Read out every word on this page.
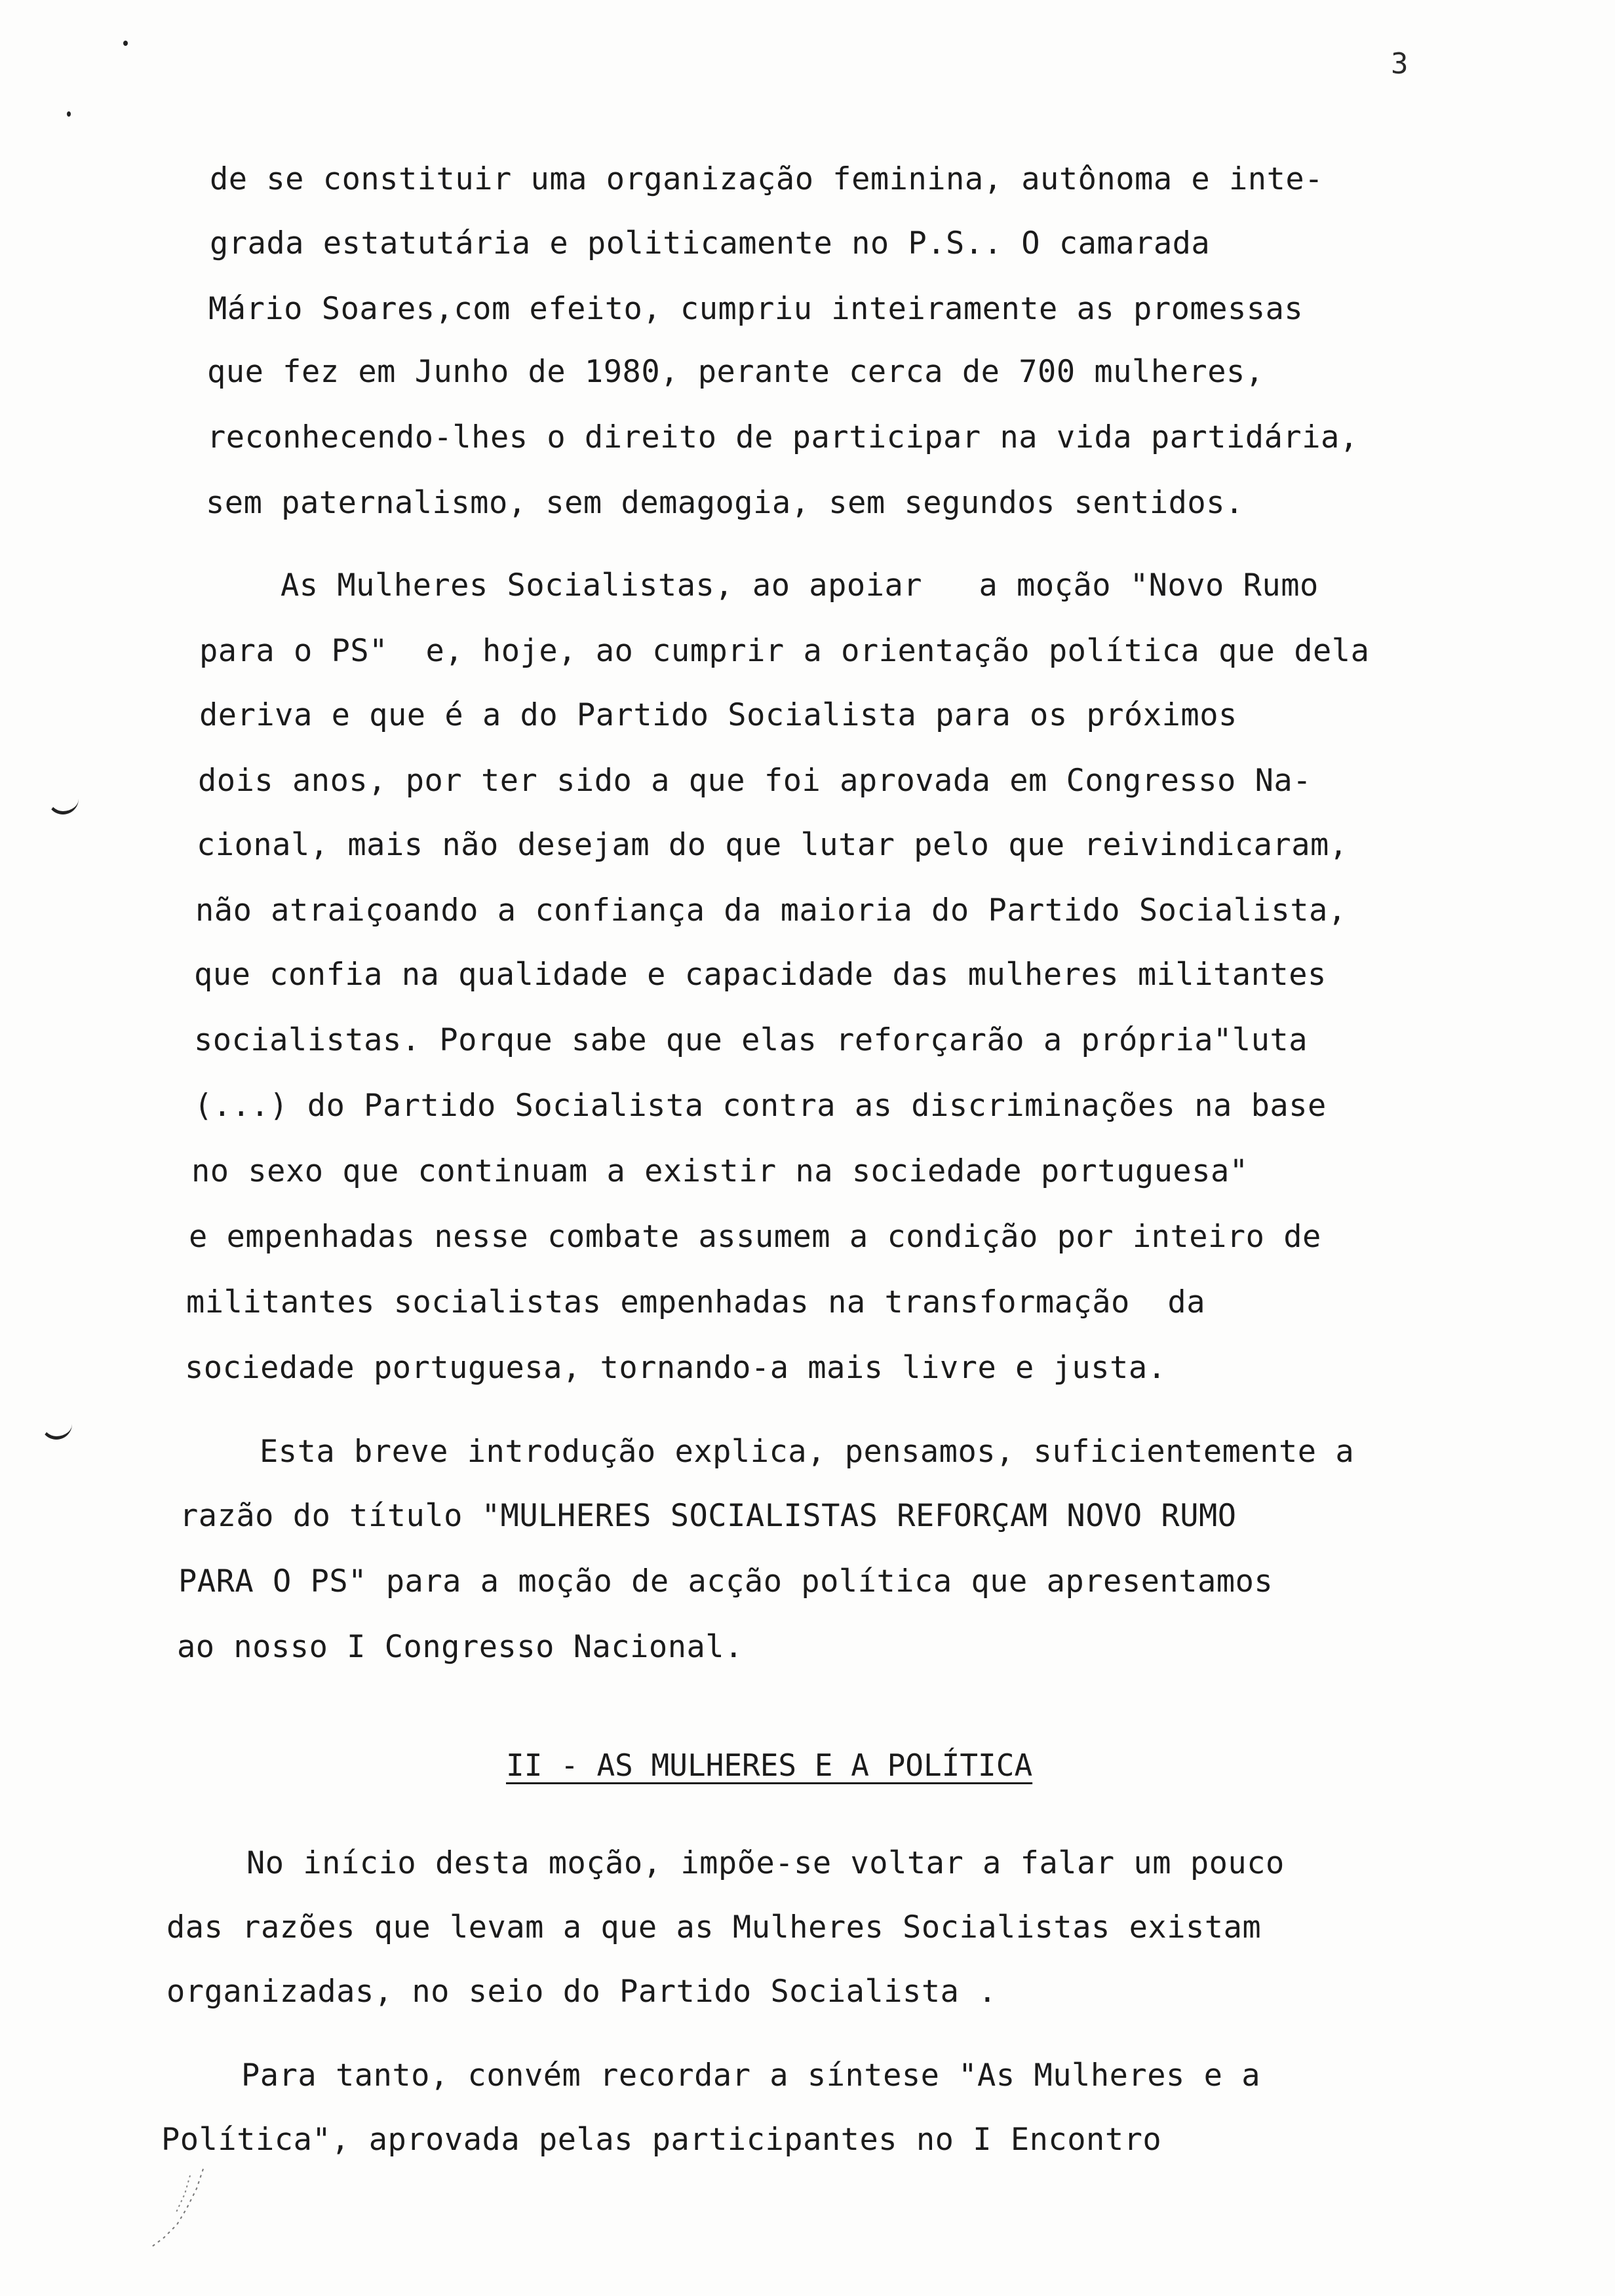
3
de se constituir uma organização feminina, autônoma e inte-
grada estatutária e politicamente no P.S.. O camarada
Mário Soares,com efeito, cumpriu inteiramente as promessas
que fez em Junho de 1980, perante cerca de 700 mulheres,
reconhecendo-lhes o direito de participar na vida partidária,
sem paternalismo, sem demagogia, sem segundos sentidos.
As Mulheres Socialistas, ao apoiar   a moção "Novo Rumo
para o PS"  e, hoje, ao cumprir a orientação política que dela
deriva e que é a do Partido Socialista para os próximos
dois anos, por ter sido a que foi aprovada em Congresso Na-
cional, mais não desejam do que lutar pelo que reivindicaram,
não atraiçoando a confiança da maioria do Partido Socialista,
que confia na qualidade e capacidade das mulheres militantes
socialistas. Porque sabe que elas reforçarão a própria"luta
(...) do Partido Socialista contra as discriminações na base
no sexo que continuam a existir na sociedade portuguesa"
e empenhadas nesse combate assumem a condição por inteiro de
militantes socialistas empenhadas na transformação  da
sociedade portuguesa, tornando-a mais livre e justa.
Esta breve introdução explica, pensamos, suficientemente a
razão do título "MULHERES SOCIALISTAS REFORÇAM NOVO RUMO
PARA O PS" para a moção de acção política que apresentamos
ao nosso I Congresso Nacional.
II - AS MULHERES E A POLÍTICA
No início desta moção, impõe-se voltar a falar um pouco
das razões que levam a que as Mulheres Socialistas existam
organizadas, no seio do Partido Socialista .
Para tanto, convém recordar a síntese "As Mulheres e a
Política", aprovada pelas participantes no I Encontro
